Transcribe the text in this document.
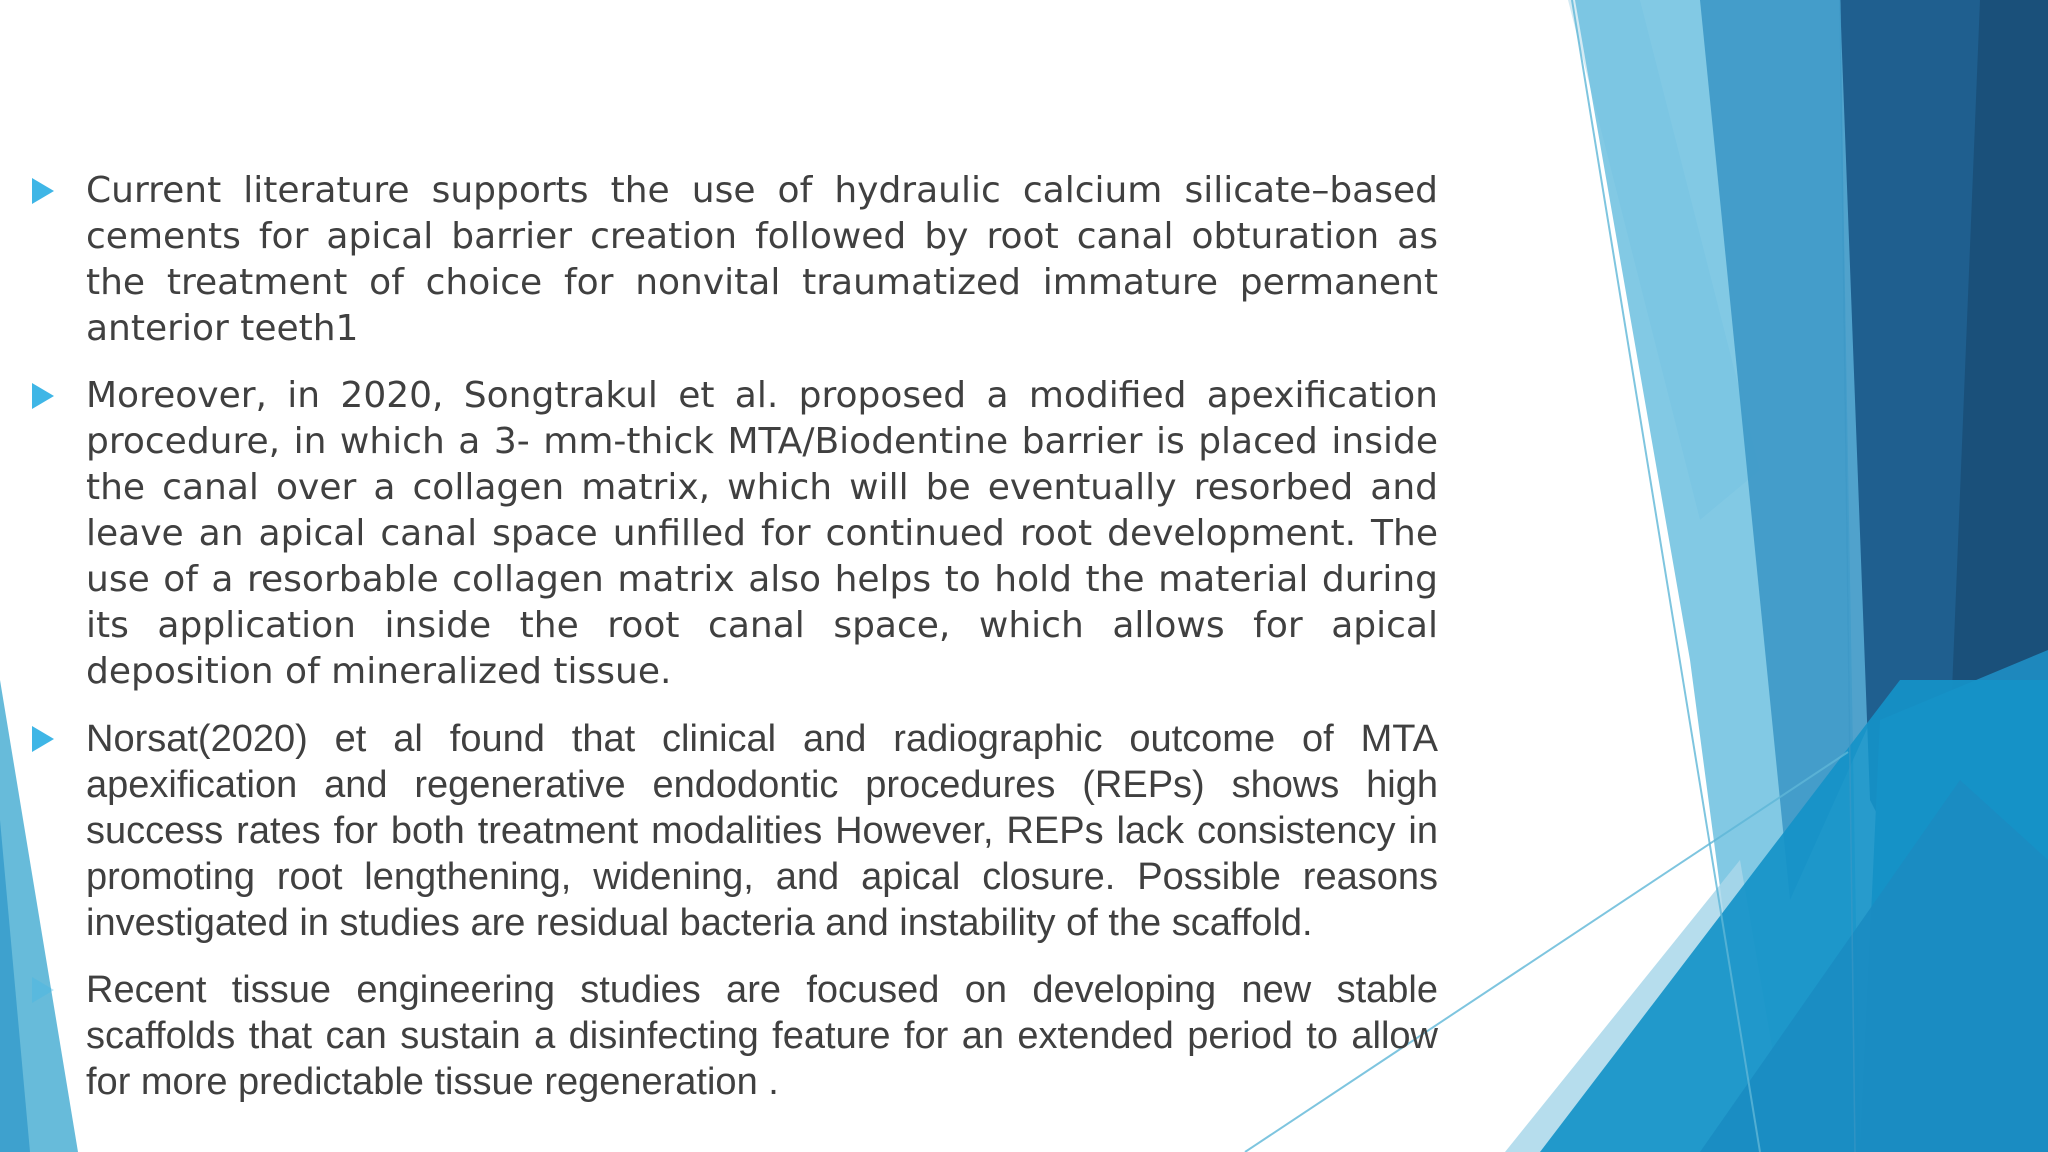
Current literature supports the use of hydraulic calcium silicate–based cements for apical barrier creation followed by root canal obturation as the treatment of choice for nonvital traumatized immature permanent anterior teeth1
Moreover, in 2020, Songtrakul et al. proposed a modified apexification procedure, in which a 3- mm-thick MTA/Biodentine barrier is placed inside the canal over a collagen matrix, which will be eventually resorbed and leave an apical canal space unfilled for continued root development. The use of a resorbable collagen matrix also helps to hold the material during its application inside the root canal space, which allows for apical deposition of mineralized tissue.
Norsat(2020) et al found that clinical and radiographic outcome of MTA apexification and regenerative endodontic procedures (REPs) shows high success rates for both treatment modalities However, REPs lack consistency in promoting root lengthening, widening, and apical closure. Possible reasons investigated in studies are residual bacteria and instability of the scaffold.
Recent tissue engineering studies are focused on developing new stable scaffolds that can sustain a disinfecting feature for an extended period to allow for more predictable tissue regeneration .
